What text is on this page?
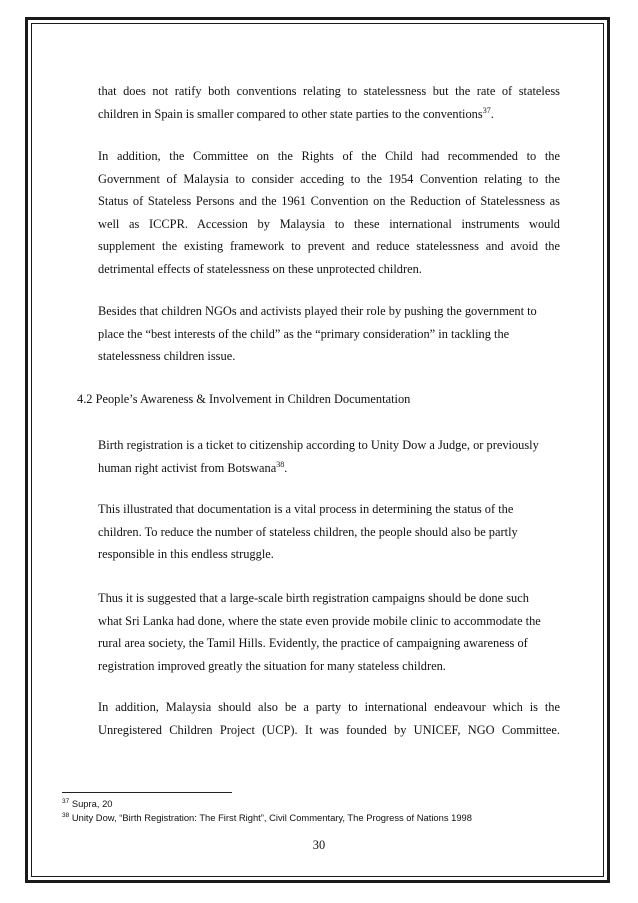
that does not ratify both conventions relating to statelessness but the rate of stateless
children in Spain is smaller compared to other state parties to the conventions$^{37}$.
In addition, the Committee on the Rights of the Child had recommended to the
Government of Malaysia to consider acceding to the 1954 Convention relating to the
Status of Stateless Persons and the 1961 Convention on the Reduction of Statelessness as
well as ICCPR. Accession by Malaysia to these international instruments would
supplement the existing framework to prevent and reduce statelessness and avoid the
detrimental effects of statelessness on these unprotected children.
Besides that children NGOs and activists played their role by pushing the government to
place the “best interests of the child” as the “primary consideration” in tackling the
statelessness children issue.
4.2 People’s Awareness & Involvement in Children Documentation
Birth registration is a ticket to citizenship according to Unity Dow a Judge, or previously
human right activist from Botswana$^{38}$.
This illustrated that documentation is a vital process in determining the status of the
children. To reduce the number of stateless children, the people should also be partly
responsible in this endless struggle.
Thus it is suggested that a large-scale birth registration campaigns should be done such
what Sri Lanka had done, where the state even provide mobile clinic to accommodate the
rural area society, the Tamil Hills. Evidently, the practice of campaigning awareness of
registration improved greatly the situation for many stateless children.
In addition, Malaysia should also be a party to international endeavour which is the
Unregistered Children Project (UCP). It was founded by UNICEF, NGO Committee.
$^{37}$ Supra, 20
$^{38}$ Unity Dow, “Birth Registration: The First Right”, Civil Commentary, The Progress of Nations 1998
30
